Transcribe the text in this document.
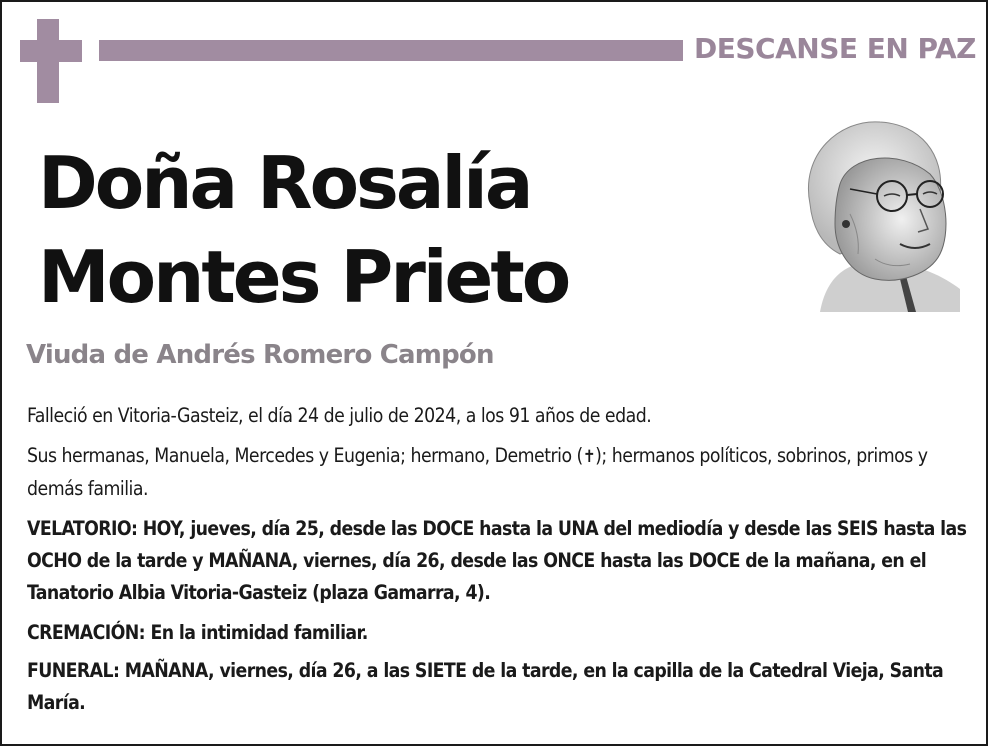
DESCANSE EN PAZ
Doña Rosalía
Montes Prieto
Viuda de Andrés Romero Campón

Falleció en Vitoria-Gasteiz, el día 24 de julio de 2024, a los 91 años de edad.

Sus hermanas, Manuela, Mercedes y Eugenia; hermano, Demetrio (✝); hermanos políticos, sobrinos, primos y demás familia.

VELATORIO: HOY, jueves, día 25, desde las DOCE hasta la UNA del mediodía y desde las SEIS hasta las OCHO de la tarde y MAÑANA, viernes, día 26, desde las ONCE hasta las DOCE de la mañana, en el Tanatorio Albia Vitoria-Gasteiz (plaza Gamarra, 4).

CREMACIÓN: En la intimidad familiar.

FUNERAL: MAÑANA, viernes, día 26, a las SIETE de la tarde, en la capilla de la Catedral Vieja, Santa María.
